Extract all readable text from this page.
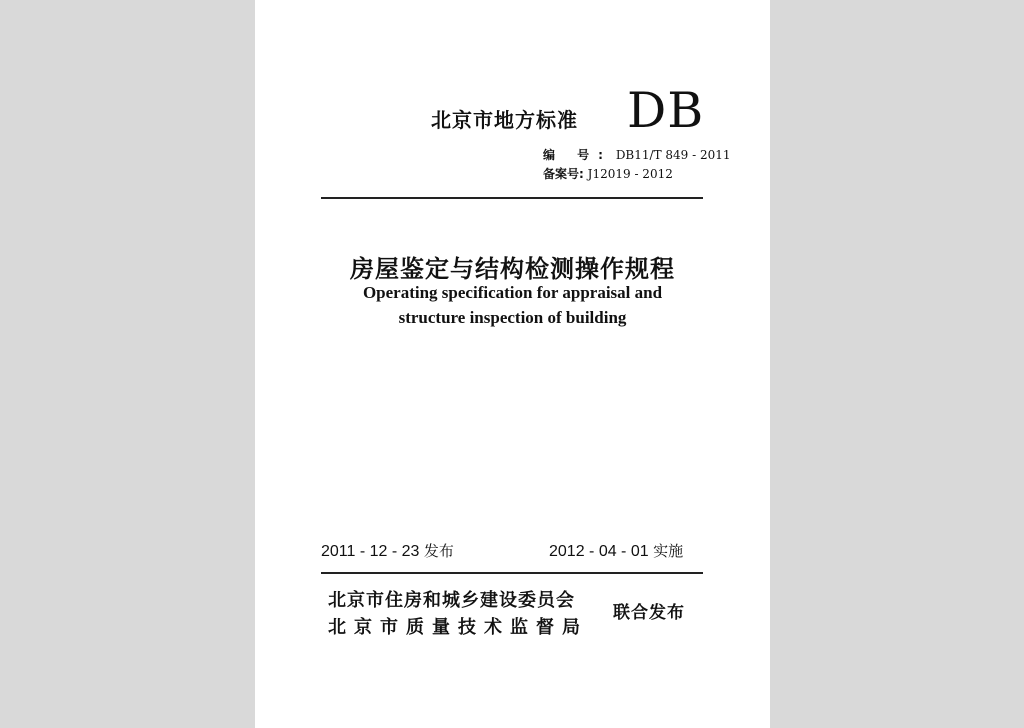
北京市地方标准 DB
编 号: DB11/T 849 - 2011
备案号: J12019 - 2012
房屋鉴定与结构检测操作规程
Operating specification for appraisal and
structure inspection of building
2011 - 12 - 23 发布	2012 - 04 - 01 实施
北京市住房和城乡建设委员会
北京市质量技术监督局
联合发布
